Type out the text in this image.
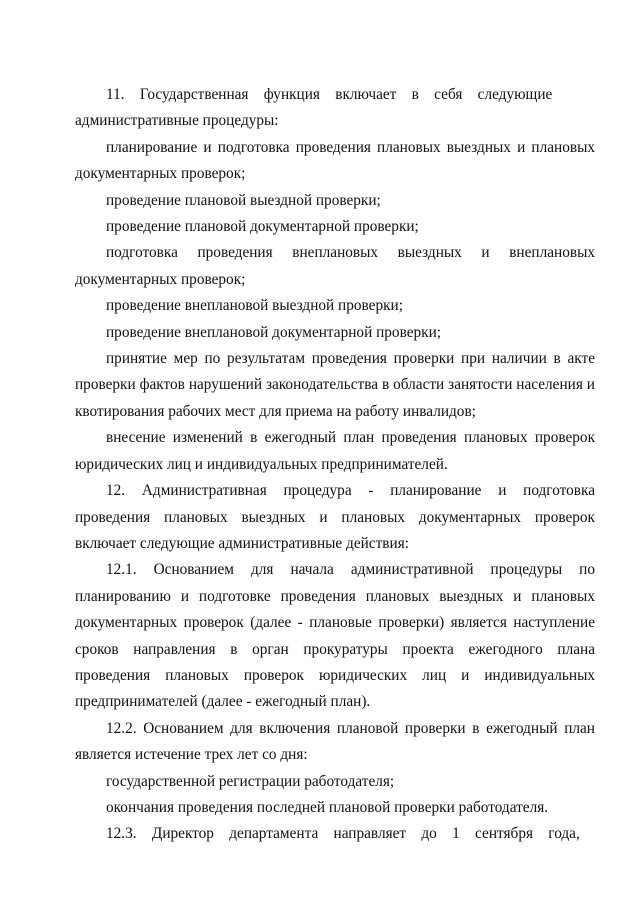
11. Государственная функция включает в себя следующие административные процедуры:

планирование и подготовка проведения плановых выездных и плановых документарных проверок;

проведение плановой выездной проверки;

проведение плановой документарной проверки;

подготовка проведения внеплановых выездных и внеплановых документарных проверок;

проведение внеплановой выездной проверки;

проведение внеплановой документарной проверки;

принятие мер по результатам проведения проверки при наличии в акте проверки фактов нарушений законодательства в области занятости населения и квотирования рабочих мест для приема на работу инвалидов;

внесение изменений в ежегодный план проведения плановых проверок юридических лиц и индивидуальных предпринимателей.

12. Административная процедура - планирование и подготовка проведения плановых выездных и плановых документарных проверок включает следующие административные действия:

12.1. Основанием для начала административной процедуры по планированию и подготовке проведения плановых выездных и плановых документарных проверок (далее - плановые проверки) является наступление сроков направления в орган прокуратуры проекта ежегодного плана проведения плановых проверок юридических лиц и индивидуальных предпринимателей (далее - ежегодный план).

12.2. Основанием для включения плановой проверки в ежегодный план является истечение трех лет со дня:

государственной регистрации работодателя;

окончания проведения последней плановой проверки работодателя.

12.3. Директор департамента направляет до 1 сентября года,
